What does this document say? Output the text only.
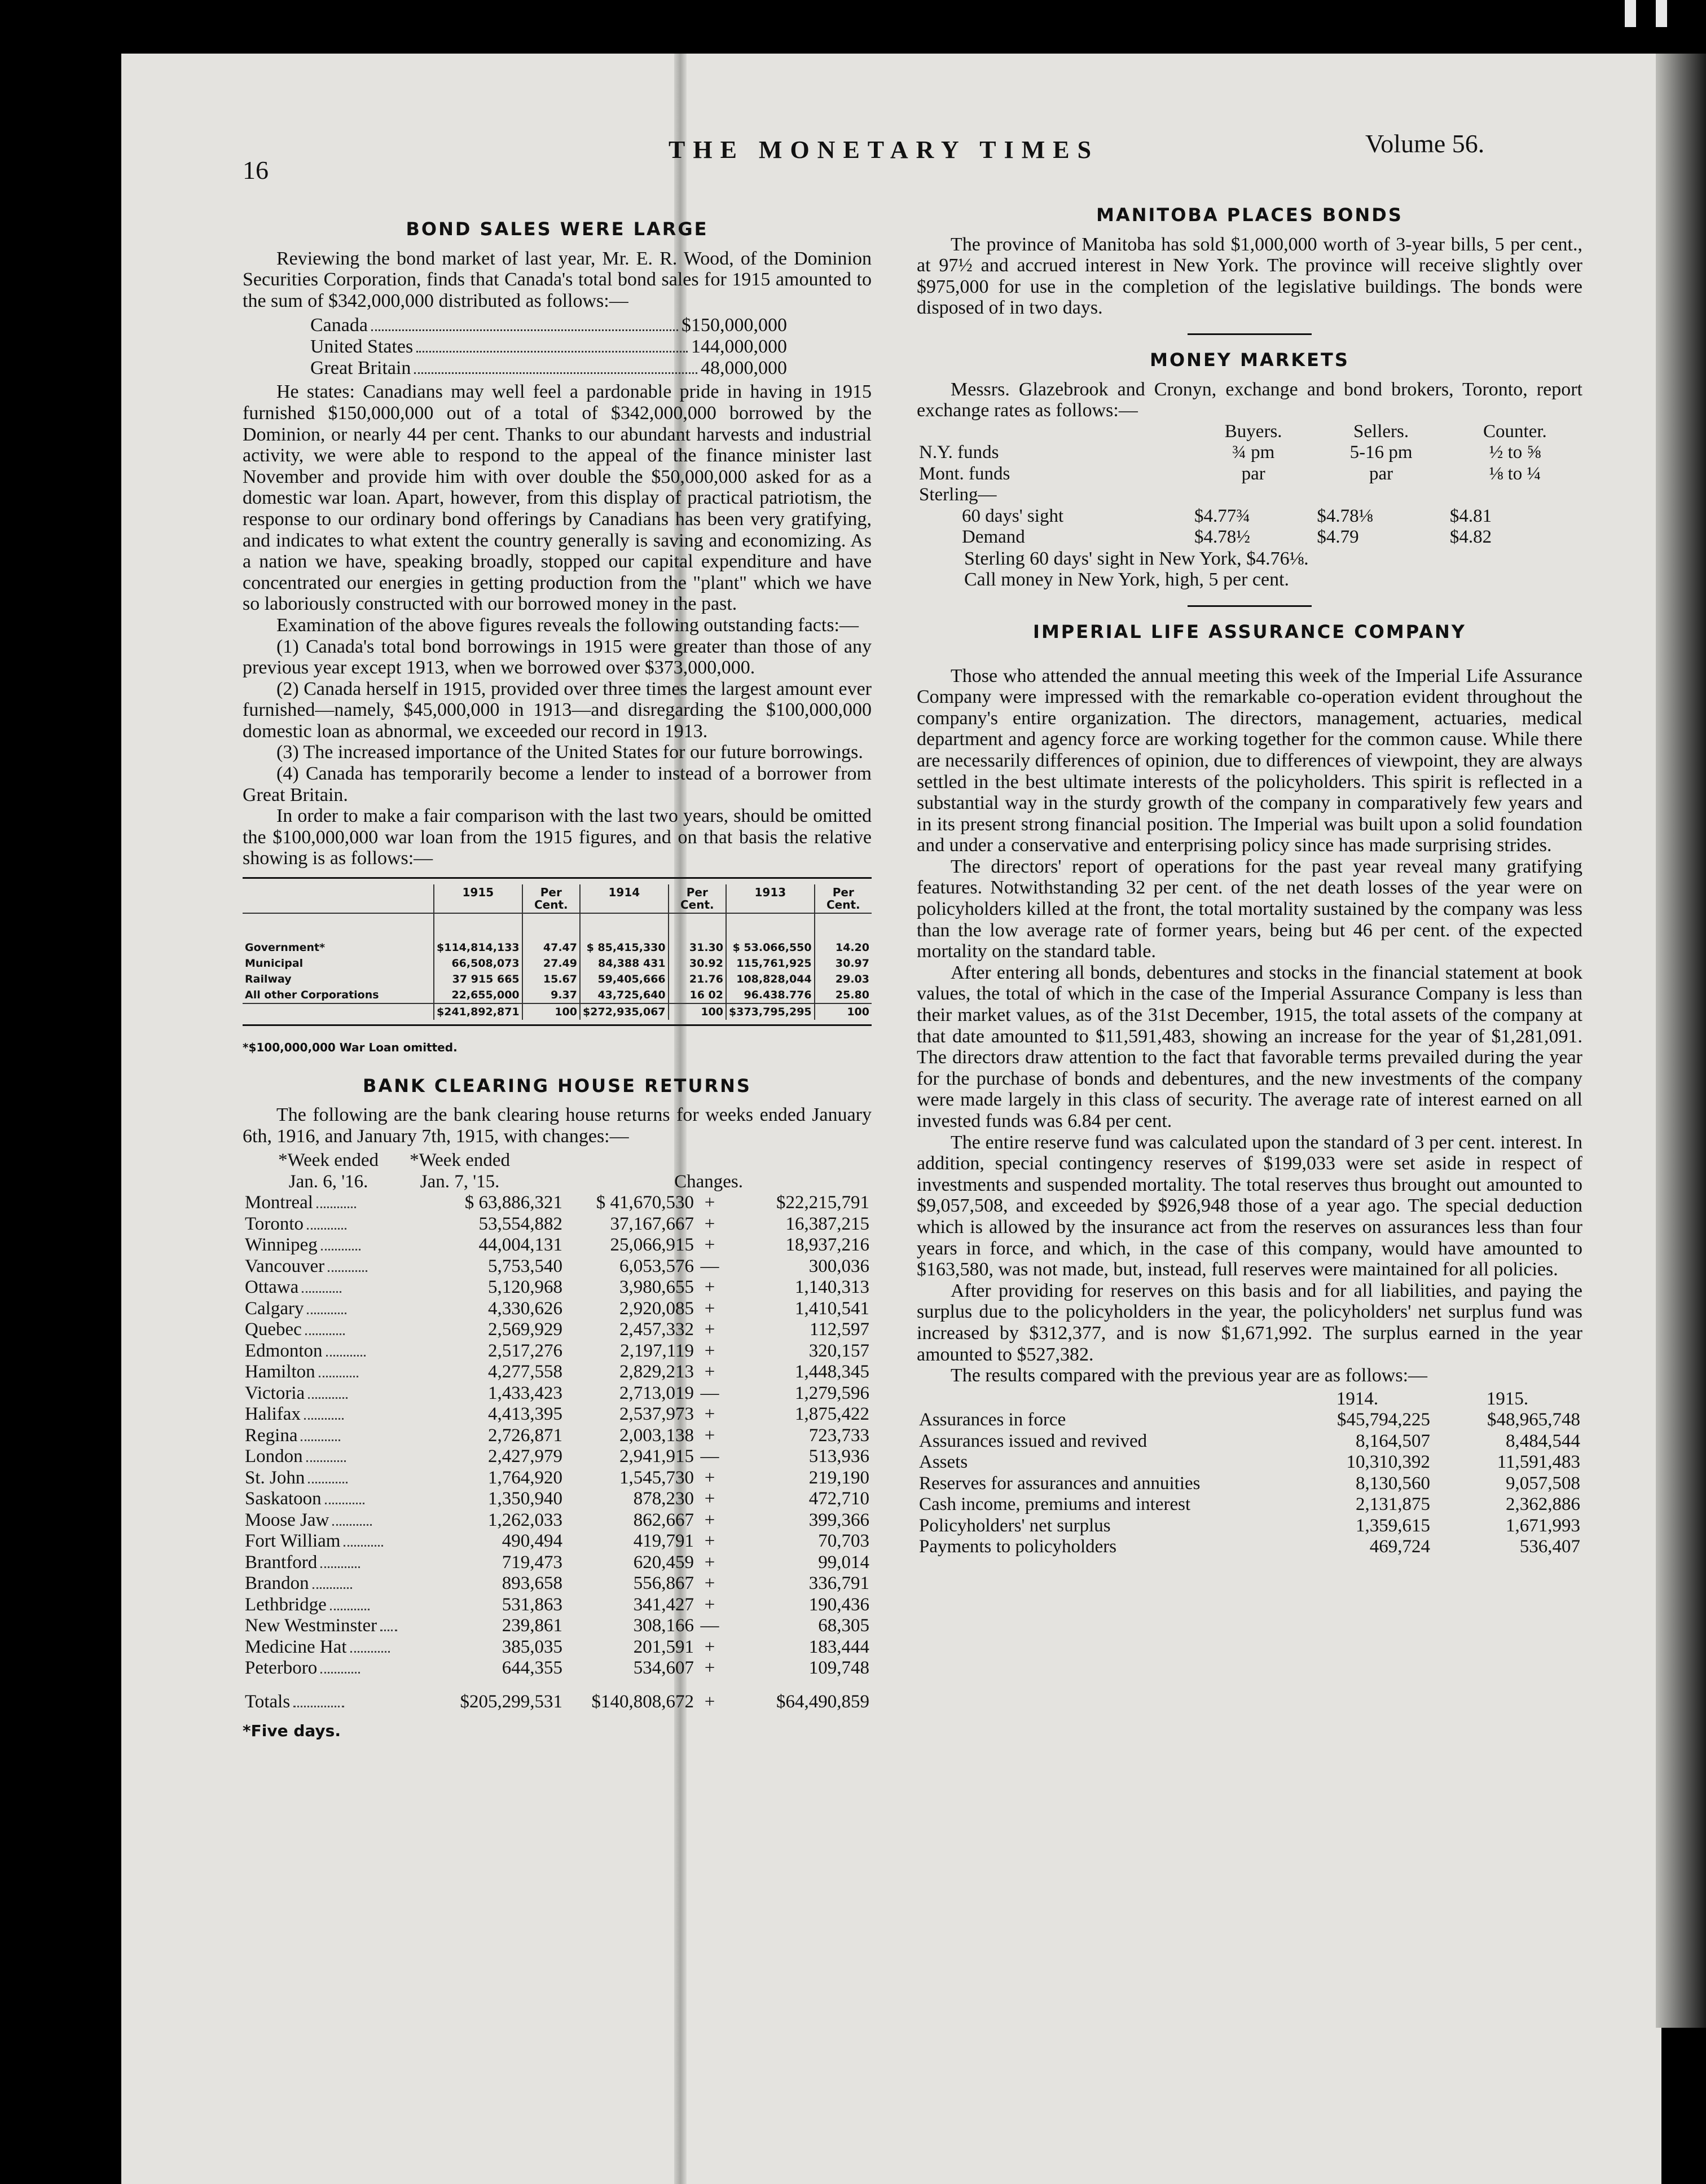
16
THE MONETARY TIMES	Volume 56.
BOND SALES WERE LARGE

Reviewing the bond market of last year, Mr. E. R. Wood, of the Dominion Securities Corporation, finds that Canada's total bond sales for 1915 amounted to the sum of $342,000,000 distributed as follows:—

Canada	$150,000,000
United States	144,000,000
Great Britain	48,000,000

He states: Canadians may well feel a pardonable pride in having in 1915 furnished $150,000,000 out of a total of $342,000,000 borrowed by the Dominion, or nearly 44 per cent. Thanks to our abundant harvests and industrial activity, we were able to respond to the appeal of the finance minister last November and provide him with over double the $50,000,000 asked for as a domestic war loan. Apart, however, from this display of practical patriotism, the response to our ordinary bond offerings by Canadians has been very gratifying, and indicates to what extent the country generally is saving and economizing. As a nation we have, speaking broadly, stopped our capital expenditure and have concentrated our energies in getting production from the "plant" which we have so laboriously constructed with our borrowed money in the past.

Examination of the above figures reveals the following outstanding facts:—

(1) Canada's total bond borrowings in 1915 were greater than those of any previous year except 1913, when we borrowed over $373,000,000.

(2) Canada herself in 1915, provided over three times the largest amount ever furnished—namely, $45,000,000 in 1913—and disregarding the $100,000,000 domestic loan as abnormal, we exceeded our record in 1913.

(3) The increased importance of the United States for our future borrowings.

(4) Canada has temporarily become a lender to instead of a borrower from Great Britain.

In order to make a fair comparison with the last two years, should be omitted the $100,000,000 war loan from the 1915 figures, and on that basis the relative showing is as follows:—

	1915	Per Cent.	1914	Per Cent.	1913	Per Cent.

Government*	$114,814,133	47.47	$ 85,415,330	31.30	$ 53.066,550	14.20
Municipal	66,508,073	27.49	84,388 431	30.92	115,761,925	30.97
Railway	37 915 665	15.67	59,405,666	21.76	108,828,044	29.03
All other Corporations	22,655,000	9.37	43,725,640	16 02	96.438.776	25.80
	$241,892,871	100	$272,935,067	100	$373,795,295	100
*$100,000,000 War Loan omitted.
BANK CLEARING HOUSE RETURNS

The following are the bank clearing house returns for weeks ended January 6th, 1916, and January 7th, 1915, with changes:—

	*Week ended Jan. 6, '16.	*Week ended Jan. 7, '15.		Changes.
Montreal	$ 63,886,321	$ 41,670,530	+	$22,215,791
Toronto	53,554,882	37,167,667	+	16,387,215
Winnipeg	44,004,131	25,066,915	+	18,937,216
Vancouver	5,753,540	6,053,576	—	300,036
Ottawa	5,120,968	3,980,655	+	1,140,313
Calgary	4,330,626	2,920,085	+	1,410,541
Quebec	2,569,929	2,457,332	+	112,597
Edmonton	2,517,276	2,197,119	+	320,157
Hamilton	4,277,558	2,829,213	+	1,448,345
Victoria	1,433,423	2,713,019	—	1,279,596
Halifax	4,413,395	2,537,973	+	1,875,422
Regina	2,726,871	2,003,138	+	723,733
London	2,427,979	2,941,915	—	513,936
St. John	1,764,920	1,545,730	+	219,190
Saskatoon	1,350,940	878,230	+	472,710
Moose Jaw	1,262,033	862,667	+	399,366
Fort William	490,494	419,791	+	70,703
Brantford	719,473	620,459	+	99,014
Brandon	893,658	556,867	+	336,791
Lethbridge	531,863	341,427	+	190,436
New Westminster	239,861	308,166	—	68,305
Medicine Hat	385,035	201,591	+	183,444
Peterboro	644,355	534,607	+	109,748
Totals	$205,299,531	$140,808,672	+	$64,490,859
*Five days.
MANITOBA PLACES BONDS

The province of Manitoba has sold $1,000,000 worth of 3-year bills, 5 per cent., at 97½ and accrued interest in New York. The province will receive slightly over $975,000 for use in the completion of the legislative buildings. The bonds were disposed of in two days.

MONEY MARKETS

Messrs. Glazebrook and Cronyn, exchange and bond brokers, Toronto, report exchange rates as follows:—

	Buyers.	Sellers.	Counter.
N.Y. funds	¾ pm	5-16 pm	½ to ⅝
Mont. funds	par	par	⅛ to ¼
Sterling—			
60 days' sight	$4.77¾	$4.78⅛	$4.81
Demand	$4.78½	$4.79	$4.82
Sterling 60 days' sight in New York, $4.76⅛.
Call money in New York, high, 5 per cent.
IMPERIAL LIFE ASSURANCE COMPANY

Those who attended the annual meeting this week of the Imperial Life Assurance Company were impressed with the remarkable co-operation evident throughout the company's entire organization. The directors, management, actuaries, medical department and agency force are working together for the common cause. While there are necessarily differences of opinion, due to differences of viewpoint, they are always settled in the best ultimate interests of the policyholders. This spirit is reflected in a substantial way in the sturdy growth of the company in comparatively few years and in its present strong financial position. The Imperial was built upon a solid foundation and under a conservative and enterprising policy since has made surprising strides.

The directors' report of operations for the past year reveal many gratifying features. Notwithstanding 32 per cent. of the net death losses of the year were on policyholders killed at the front, the total mortality sustained by the company was less than the low average rate of former years, being but 46 per cent. of the expected mortality on the standard table.

After entering all bonds, debentures and stocks in the financial statement at book values, the total of which in the case of the Imperial Assurance Company is less than their market values, as of the 31st December, 1915, the total assets of the company at that date amounted to $11,591,483, showing an increase for the year of $1,281,091. The directors draw attention to the fact that favorable terms prevailed during the year for the purchase of bonds and debentures, and the new investments of the company were made largely in this class of security. The average rate of interest earned on all invested funds was 6.84 per cent.

The entire reserve fund was calculated upon the standard of 3 per cent. interest. In addition, special contingency reserves of $199,033 were set aside in respect of investments and suspended mortality. The total reserves thus brought out amounted to $9,057,508, and exceeded by $926,948 those of a year ago. The special deduction which is allowed by the insurance act from the reserves on assurances less than four years in force, and which, in the case of this company, would have amounted to $163,580, was not made, but, instead, full reserves were maintained for all policies.

After providing for reserves on this basis and for all liabilities, and paying the surplus due to the policyholders in the year, the policyholders' net surplus fund was increased by $312,377, and is now $1,671,992. The surplus earned in the year amounted to $527,382.

The results compared with the previous year are as follows:—

	1914.	1915.
Assurances in force	$45,794,225	$48,965,748
Assurances issued and revived	8,164,507	8,484,544
Assets	10,310,392	11,591,483
Reserves for assurances and annuities	8,130,560	9,057,508
Cash income, premiums and interest	2,131,875	2,362,886
Policyholders' net surplus	1,359,615	1,671,993
Payments to policyholders	469,724	536,407
